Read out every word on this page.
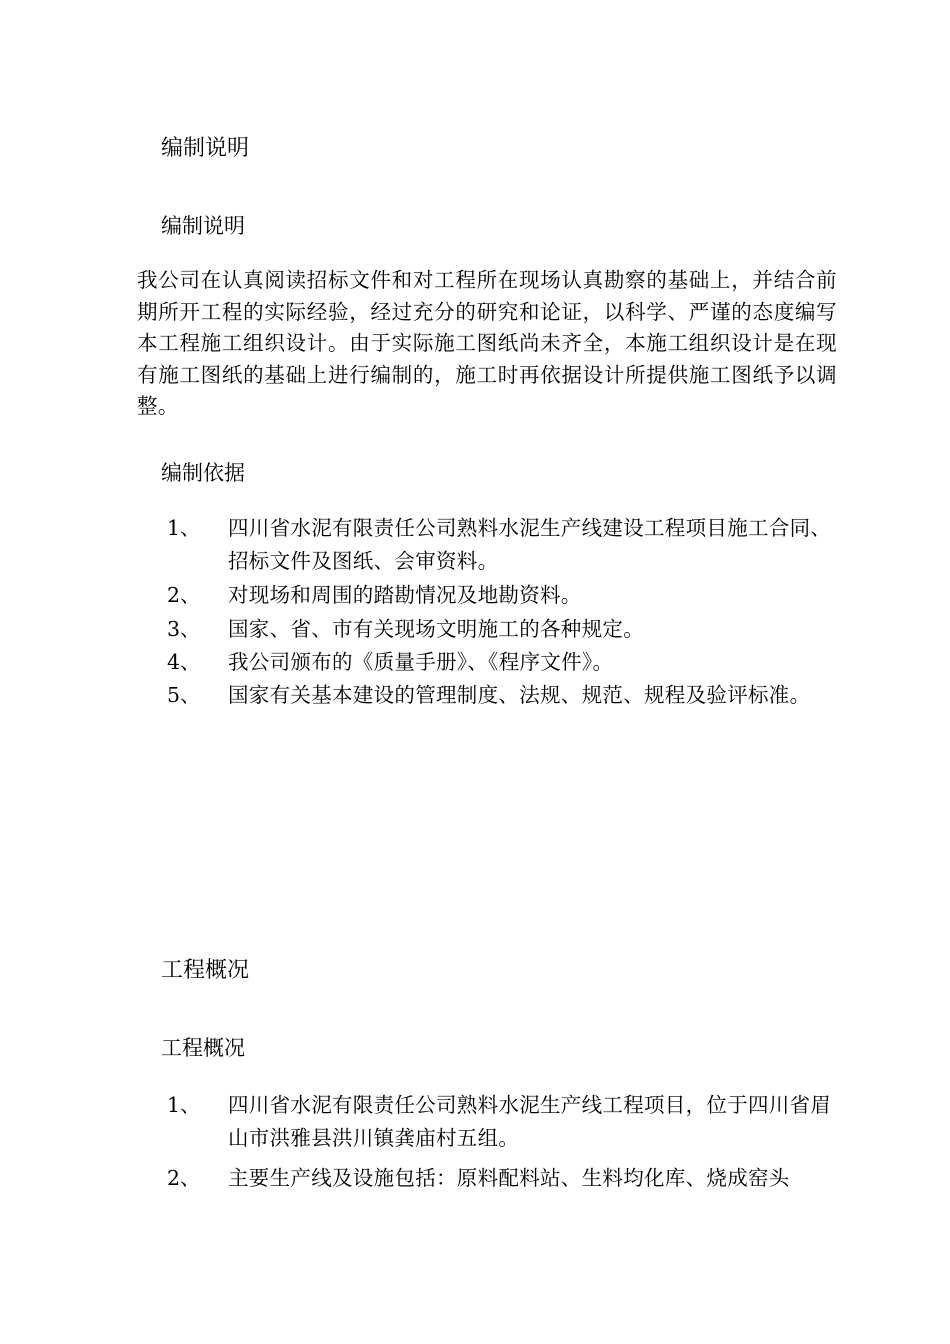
编制说明
编制说明
我公司在认真阅读招标文件和对工程所在现场认真勘察的基础上，并结合前期所开工程的实际经验，经过充分的研究和论证，以科学、严谨的态度编写本工程施工组织设计。由于实际施工图纸尚未齐全，本施工组织设计是在现有施工图纸的基础上进行编制的，施工时再依据设计所提供施工图纸予以调整。
编制依据
1、	四川省水泥有限责任公司熟料水泥生产线建设工程项目施工合同、招标文件及图纸、会审资料。
2、	对现场和周围的踏勘情况及地勘资料。
3、	国家、省、市有关现场文明施工的各种规定。
4、	我公司颁布的《质量手册》、《程序文件》。
5、	国家有关基本建设的管理制度、法规、规范、规程及验评标准。
工程概况
工程概况
1、	四川省水泥有限责任公司熟料水泥生产线工程项目，位于四川省眉山市洪雅县洪川镇龚庙村五组。
2、	主要生产线及设施包括：原料配料站、生料均化库、烧成窑头
